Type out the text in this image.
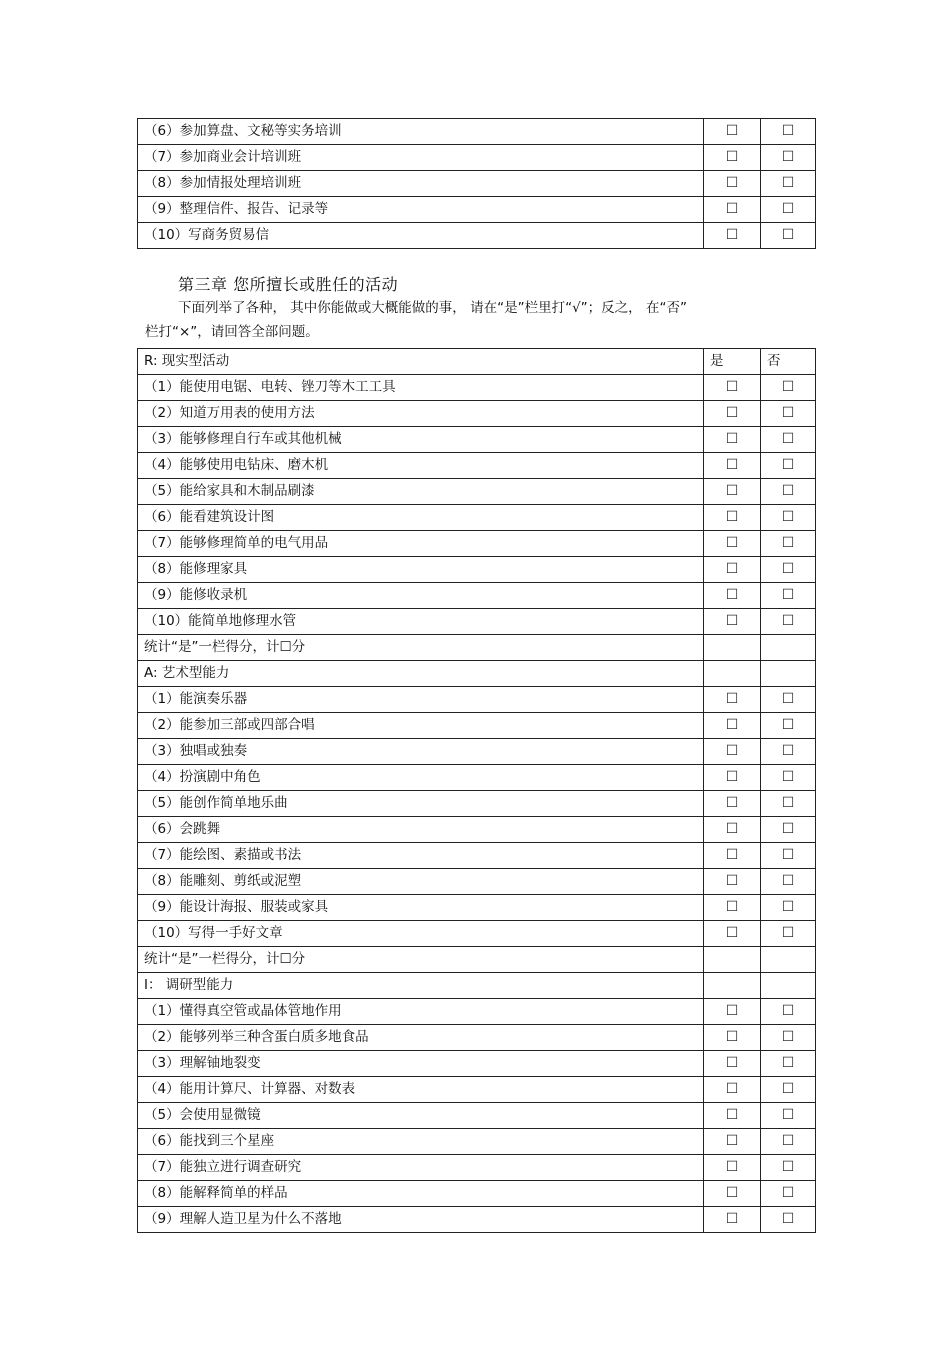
（6）参加算盘、文秘等实务培训	☐	☐
（7）参加商业会计培训班	☐	☐
（8）参加情报处理培训班	☐	☐
（9）整理信件、报告、记录等	☐	☐
（10）写商务贸易信	☐	☐
第三章 您所擅长或胜任的活动
下面列举了各种， 其中你能做或大概能做的事， 请在“是”栏里打“√”；反之， 在“否”
栏打“×”，请回答全部问题。
R: 现实型活动	是	否
（1）能使用电锯、电转、锉刀等木工工具	☐	☐
（2）知道万用表的使用方法	☐	☐
（3）能够修理自行车或其他机械	☐	☐
（4）能够使用电钻床、磨木机	☐	☐
（5）能给家具和木制品刷漆	☐	☐
（6）能看建筑设计图	☐	☐
（7）能够修理简单的电气用品	☐	☐
（8）能修理家具	☐	☐
（9）能修收录机	☐	☐
（10）能简单地修理水管	☐	☐
统计“是”一栏得分，计☐分		
A: 艺术型能力		
（1）能演奏乐器	☐	☐
（2）能参加三部或四部合唱	☐	☐
（3）独唱或独奏	☐	☐
（4）扮演剧中角色	☐	☐
（5）能创作简单地乐曲	☐	☐
（6）会跳舞	☐	☐
（7）能绘图、素描或书法	☐	☐
（8）能雕刻、剪纸或泥塑	☐	☐
（9）能设计海报、服装或家具	☐	☐
（10）写得一手好文章	☐	☐
统计“是”一栏得分，计☐分		
I： 调研型能力		
（1）懂得真空管或晶体管地作用	☐	☐
（2）能够列举三种含蛋白质多地食品	☐	☐
（3）理解铀地裂变	☐	☐
（4）能用计算尺、计算器、对数表	☐	☐
（5）会使用显微镜	☐	☐
（6）能找到三个星座	☐	☐
（7）能独立进行调查研究	☐	☐
（8）能解释简单的样品	☐	☐
（9）理解人造卫星为什么不落地	☐	☐
